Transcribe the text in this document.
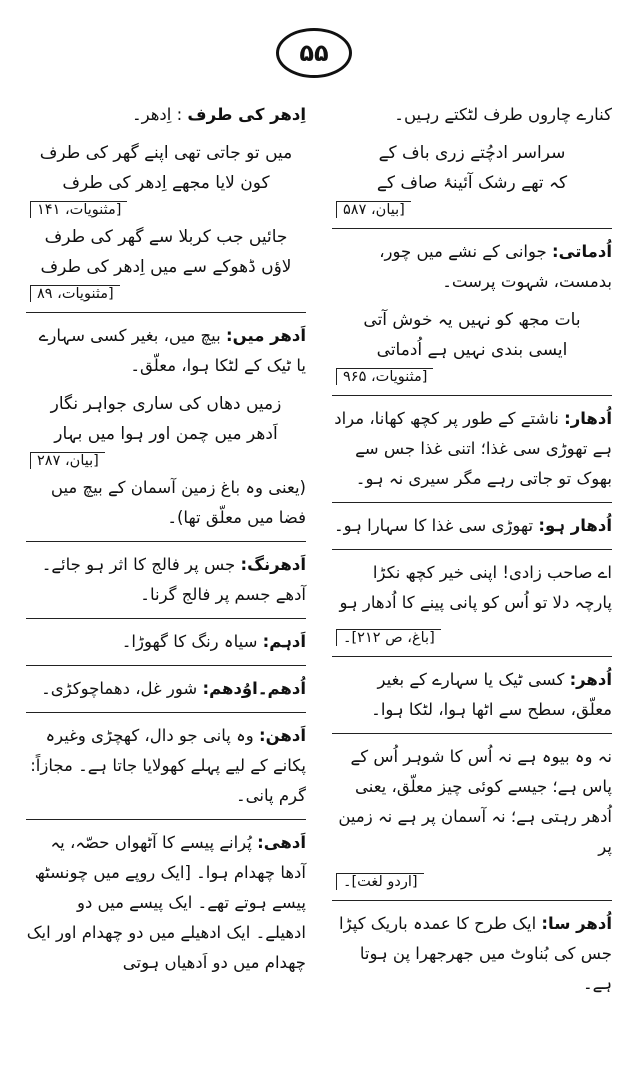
۵۵
کنارے چاروں طرف لٹکتے رہیں۔
سراسر ادچُتے زری باف کے
کہ تھے رشک آئینۂ صاف کے
[بیان، ۵۸۷
اُدماتی: جوانی کے نشے میں چور، بدمست، شہوت پرست۔
بات مجھ کو نہیں یہ خوش آتی
ایسی بندی نہیں ہے اُدماتی
[مثنویات، ۹۶۵
اُدھار: ناشتے کے طور پر کچھ کھانا، مراد ہے تھوڑی سی غذا؛ اتنی غذا جس سے بھوک تو جاتی رہے مگر سیری نہ ہو۔
اُدھار ہو: تھوڑی سی غذا کا سہارا ہو۔
اے صاحب زادی! اپنی خیر کچھ نکڑا پارچہ دلا تو اُس کو پانی پینے کا اُدھار ہو
[باغ، ص ۲۱۲]۔
اُدھر: کسی ٹیک یا سہارے کے بغیر معلّق، سطح سے اٹھا ہوا، لٹکا ہوا۔
نہ وہ بیوہ ہے نہ اُس کا شوہر اُس کے پاس ہے؛ جیسے کوئی چیز معلّق، یعنی اُدھر رہتی ہے؛ نہ آسمان پر ہے نہ زمین پر
[اردو لغت]۔
اُدھر سا: ایک طرح کا عمدہ باریک کپڑا جس کی بُناوٹ میں جھرجھرا پن ہوتا ہے۔
اِدھر کی طرف : اِدھر۔
میں تو جاتی تھی اپنے گھر کی طرف
کون لایا مجھے اِدھر کی طرف
[مثنویات، ۱۴۱
جائیں جب کربلا سے گھر کی طرف
لاؤں ڈھوکے سے میں اِدھر کی طرف
[مثنویات، ۸۹
اَدھر میں: بیچ میں، بغیر کسی سہارے یا ٹیک کے لٹکا ہوا، معلّق۔
زمیں دھاں کی ساری جواہر نگار
اَدھر میں چمن اور ہوا میں بہار
[بیان، ۲۸۷
(یعنی وہ باغ زمین آسمان کے بیچ میں فضا میں معلّق تھا)۔
اَدھرنگ: جس پر فالج کا اثر ہو جائے۔ آدھے جسم پر فالج گرنا۔
اَدہم: سیاہ رنگ کا گھوڑا۔
اُدھم۔اوُدھم: شور غل، دھماچوکڑی۔
اَدھن: وہ پانی جو دال، کھچڑی وغیرہ پکانے کے لیے پہلے کھولایا جاتا ہے۔ مجازاً: گرم پانی۔
اَدھی: پُرانے پیسے کا آٹھواں حصّہ، یہ آدھا چھدام ہوا۔ [ایک روپے میں چونسٹھ پیسے ہوتے تھے۔ ایک پیسے میں دو ادھیلے۔ ایک ادھیلے میں دو چھدام اور ایک چھدام میں دو اَدھیاں ہوتی
